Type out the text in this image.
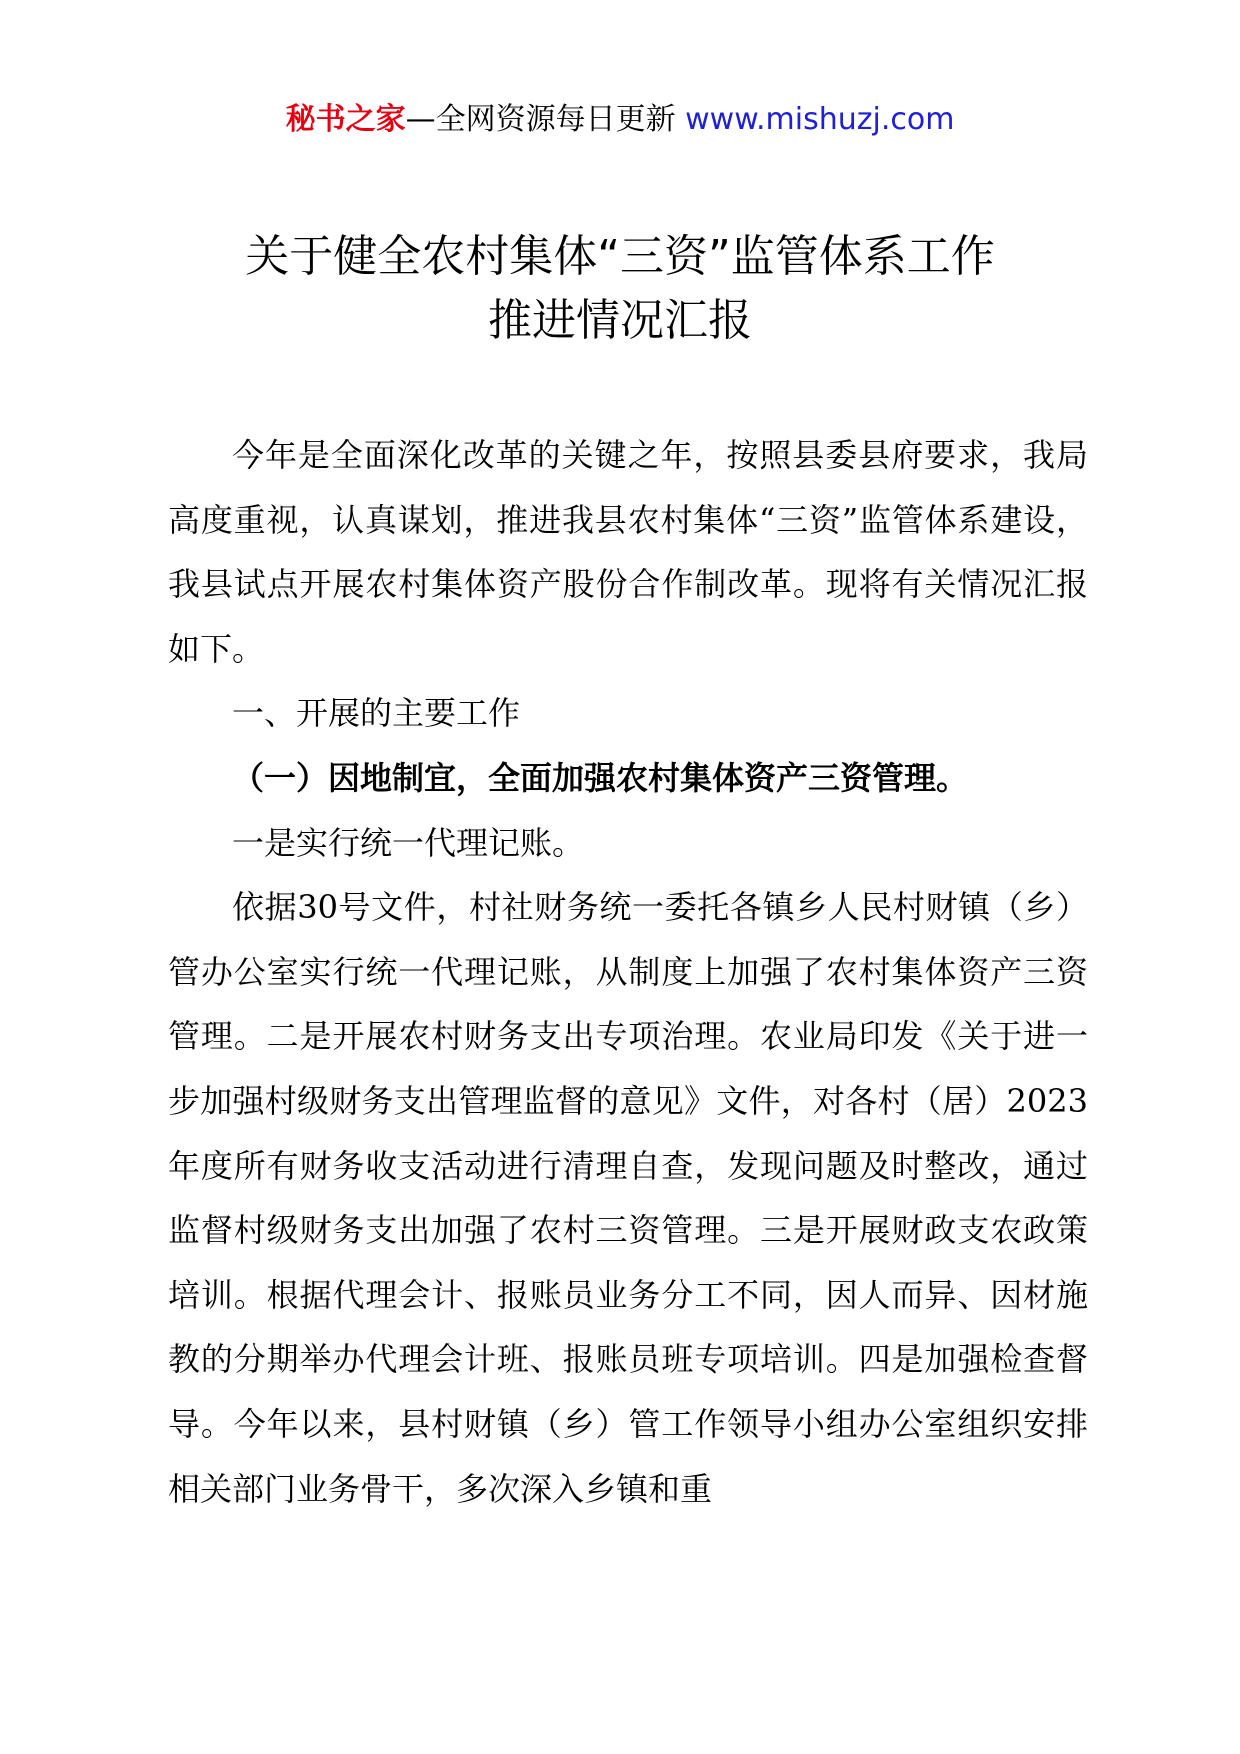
秘书之家—全网资源每日更新 www.mishuzj.com
关于健全农村集体“三资”监管体系工作
推进情况汇报

今年是全面深化改革的关键之年，按照县委县府要求，我局高度重视，认真谋划，推进我县农村集体“三资”监管体系建设，我县试点开展农村集体资产股份合作制改革。现将有关情况汇报如下。

一、开展的主要工作

（一）因地制宜，全面加强农村集体资产三资管理。

一是实行统一代理记账。

依据30号文件，村社财务统一委托各镇乡人民村财镇（乡）管办公室实行统一代理记账，从制度上加强了农村集体资产三资管理。二是开展农村财务支出专项治理。农业局印发《关于进一步加强村级财务支出管理监督的意见》文件，对各村（居）2023年度所有财务收支活动进行清理自查，发现问题及时整改，通过监督村级财务支出加强了农村三资管理。三是开展财政支农政策培训。根据代理会计、报账员业务分工不同，因人而异、因材施教的分期举办代理会计班、报账员班专项培训。四是加强检查督导。今年以来，县村财镇（乡）管工作领导小组办公室组织安排相关部门业务骨干，多次深入乡镇和重
